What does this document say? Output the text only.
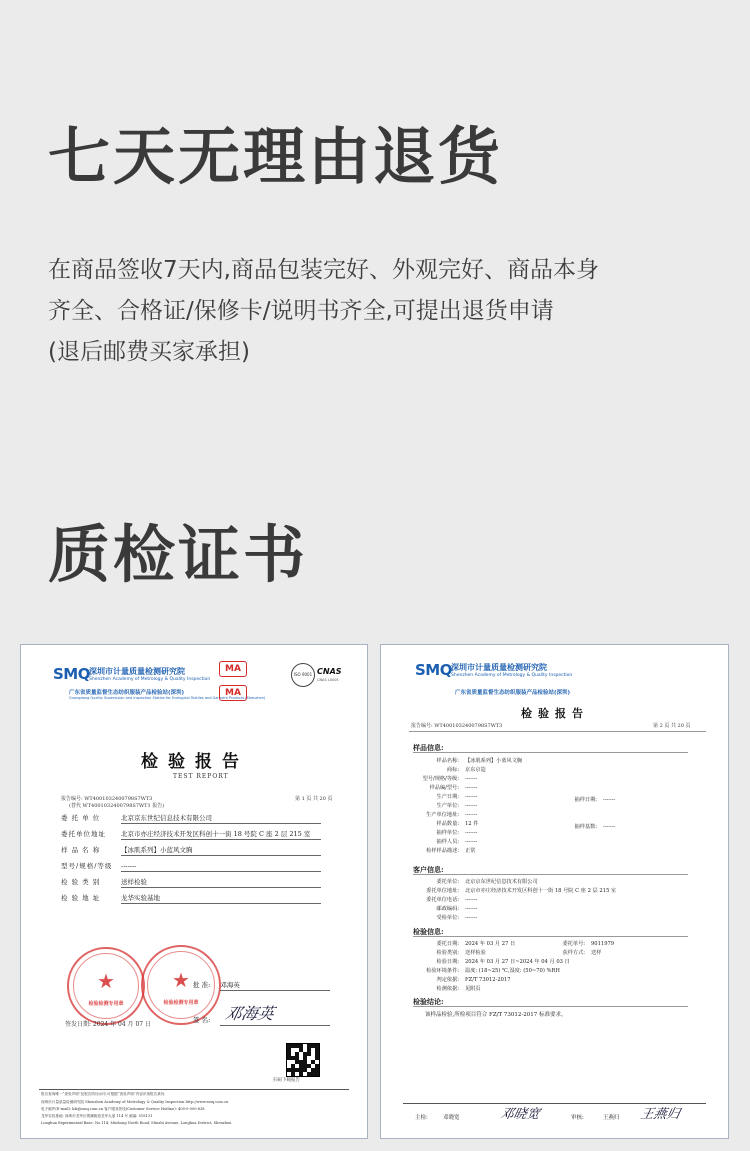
七天无理由退货
在商品签收7天内,商品包装完好、外观完好、商品本身
齐全、合格证/保修卡/说明书齐全,可提出退货申请
(退后邮费买家承担)
质检证书
SMQ 深圳市计量质量检测研究院
Shenzhen Academy of Metrology & Quality Inspection
广东省质量监督生态纺织服装产品检验站(深圳)
Guangdong Quality Supervision and Inspection Station for Ecological Textiles and Garment Products (Shenzhen)
MA
MA
ISO 9001 CNAS
CNAS L0005
检验报告
TEST REPORT
报告编号: WT4001032400798S7WT3
(替代 WT4001032400798S7WT1 报告)
第 1 页 共 20 页
委 托 单 位	北京京东世纪信息技术有限公司
委托单位地址 北京市亦庄经济技术开发区科创十一街 18 号院 C 座 2 层 215 室
样 品 名 称	【冰肌系列】小蓝风文胸
型号/规格/等级 -------
检 验 类 别	送样检验
检 验 地 址	龙华实验基地
★
检验检测专用章
★
检验检测专用章
批 准: 邓海英
签 名: 邓海英
签发日期: 2024 年 04 月 07 日
扫码下载报告
报告查询唯一“查验声明”及报告防伪水印,可根据“查验声明”内容识别报告真伪
深圳市计量质量检测研究院 Shenzhen Academy of Metrology & Quality Inspection http://www.smq.com.cn
电子邮件(E-mail): kfz@smq.com.cn 客户服务热线(Customer Service Hotline): 400-0-000-838
龙华实验基地: 深圳市龙华区观澜街道龙华大道 114 号 邮编: 518131
Longhua Experimental Base: No.114, Minhong North Road, Minzhi Avenue, Longhua District, Shenzhen
SMQ 深圳市计量质量检测研究院
Shenzhen Academy of Metrology & Quality Inspection
广东省质量监督生态纺织服装产品检验站(深圳)
检验报告
报告编号: WT4001032400798S7WT3	第 2 页 共 20 页
样品信息:
样品名称: 【冰肌系列】小蓝风文胸
商标: 京东京造
型号/规格/等级: -------
样品编/型号: -------
生产日期: -------
生产单位: -------
生产单位地址: -------
样品数量: 12 件
抽样单位: -------
抽样人员: -------
检样样品描述: 正常
抽样日期: -------
抽样基数: -------
客户信息:
委托单位: 北京京东世纪信息技术有限公司
委托单位地址: 北京市亦庄经济技术开发区科创十一街 18 号院 C 座 2 层 215 室
委托单位电话: -------
邮政编码: -------
受检单位: -------
检验信息:
委托日期: 2024 年 03 月 27 日
检验类别: 送样检验
检验日期: 2024 年 03 月 27 日~2024 年 04 月 03 日
检验环境条件: 温度: (18~25) ℃,湿度: (50~70) %RH
判定依据: FZ/T 73012-2017
检测依据: 见附页
委托单号: 9011979
获样方式: 送样
检验结论:
该样品检验,所检项目符合 FZ/T 73012-2017 标准要求。
主检:	邓晓宽	邓晓宽	审核:	王燕归 王燕归
